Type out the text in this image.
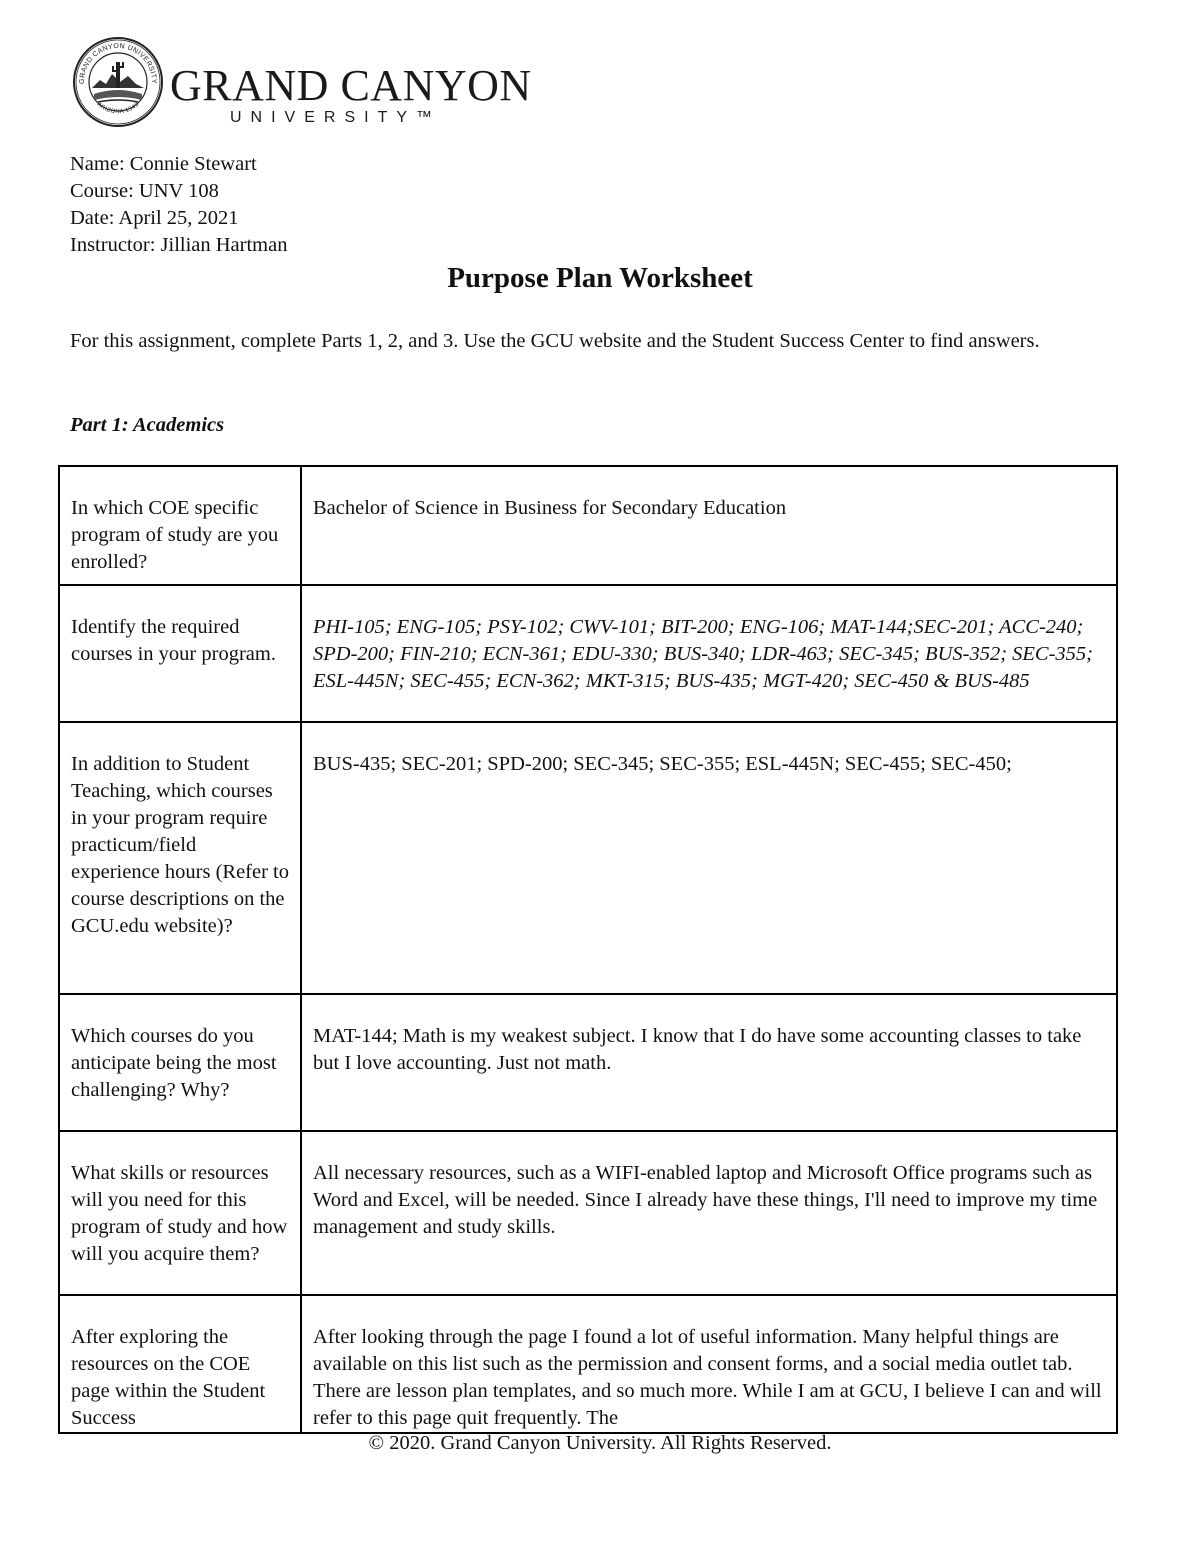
GRAND CANYON UNIVERSITY
ARIZONA 1949 GRAND CANYON
UNIVERSITY™
Name: Connie Stewart
Course: UNV 108
Date: April 25, 2021
Instructor: Jillian Hartman
Purpose Plan Worksheet
For this assignment, complete Parts 1, 2, and 3. Use the GCU website and the Student Success Center to find answers.
Part 1: Academics
In which COE specific program of study are you enrolled?	Bachelor of Science in Business for Secondary Education
Identify the required courses in your program.	PHI-105; ENG-105; PSY-102; CWV-101; BIT-200; ENG-106; MAT-144;SEC-201; ACC-240; SPD-200; FIN-210; ECN-361; EDU-330; BUS-340; LDR-463; SEC-345; BUS-352; SEC-355; ESL-445N; SEC-455; ECN-362; MKT-315; BUS-435; MGT-420; SEC-450 & BUS-485
In addition to Student Teaching, which courses in your program require practicum/field experience hours (Refer to course descriptions on the GCU.edu website)?	BUS-435; SEC-201; SPD-200; SEC-345; SEC-355; ESL-445N; SEC-455; SEC-450;
Which courses do you anticipate being the most challenging? Why?	MAT-144; Math is my weakest subject. I know that I do have some accounting classes to take but I love accounting. Just not math.
What skills or resources will you need for this program of study and how will you acquire them?	All necessary resources, such as a WIFI-enabled laptop and Microsoft Office programs such as Word and Excel, will be needed. Since I already have these things, I'll need to improve my time management and study skills.
After exploring the resources on the COE page within the Student Success	After looking through the page I found a lot of useful information. Many helpful things are available on this list such as the permission and consent forms, and a social media outlet tab. There are lesson plan templates, and so much more. While I am at GCU, I believe I can and will refer to this page quit frequently. The
© 2020. Grand Canyon University. All Rights Reserved.
